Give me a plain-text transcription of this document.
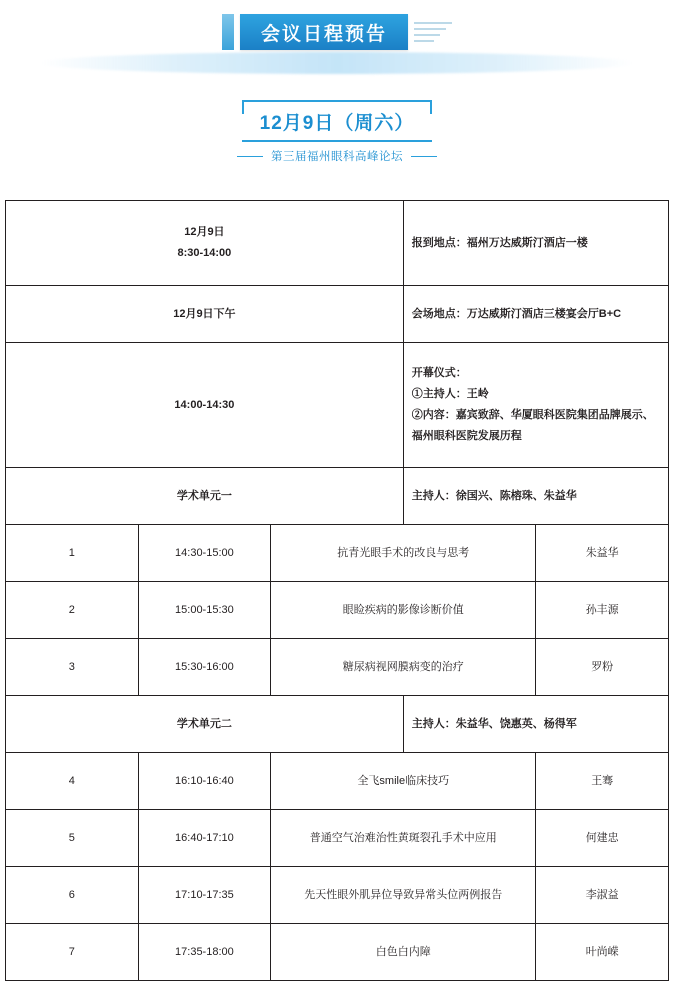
会议日程预告
12月9日（周六）
第三届福州眼科高峰论坛
12月9日
8:30-14:00			报到地点：福州万达威斯汀酒店一楼	
12月9日下午			会场地点：万达威斯汀酒店三楼宴会厅B+C	
14:00-14:30			开幕仪式：
①主持人：王岭
②内容：嘉宾致辞、华厦眼科医院集团品牌展示、福州眼科医院发展历程	

学术单元一			主持人：徐国兴、陈榕珠、朱益华	
1	14:30-15:00	抗青光眼手术的改良与思考		朱益华
2	15:00-15:30	眼睑疾病的影像诊断价值		孙丰源
3	15:30-16:00	糖尿病视网膜病变的治疗		罗粉
学术单元二			主持人：朱益华、饶惠英、杨得军	
4	16:10-16:40	全飞smile临床技巧		王骞
5	16:40-17:10	普通空气治难治性黄斑裂孔手术中应用		何建忠
6	17:10-17:35	先天性眼外肌异位导致异常头位两例报告		李淑益
7	17:35-18:00	白色白内障		叶尚嵘
